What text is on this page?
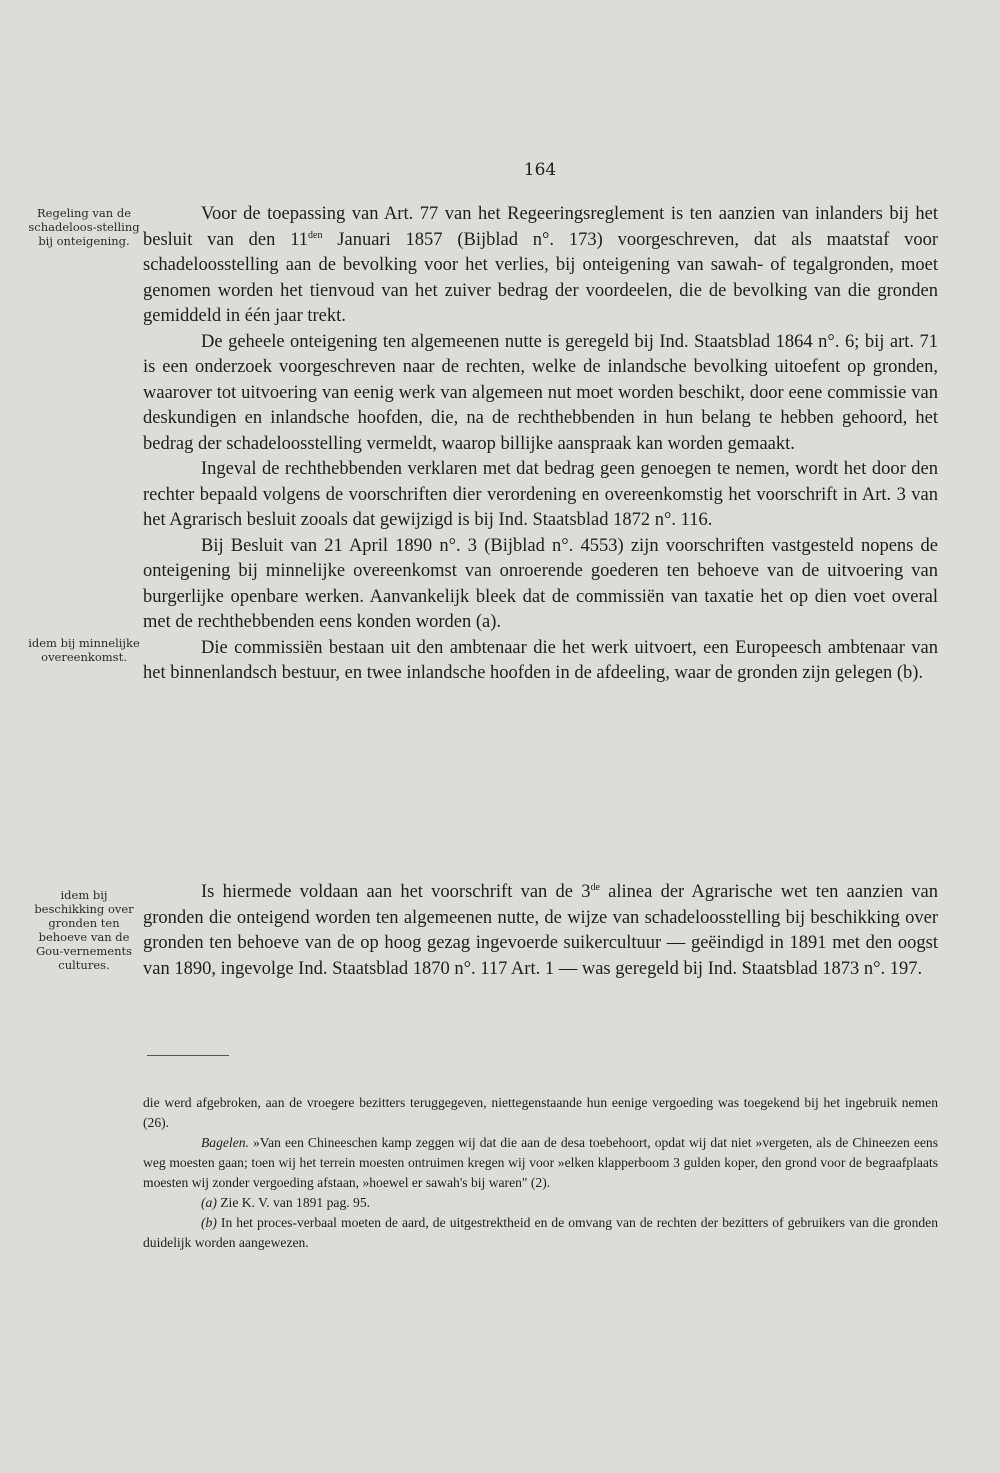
164
Regeling van de schadeloos-stelling bij onteigening.
idem bij minnelijke overeenkomst.
idem bij beschikking over gronden ten behoeve van de Gou-vernements cultures.

Voor de toepassing van Art. 77 van het Regeeringsreglement is ten aanzien van inlanders bij het besluit van den $11^{den}$ Januari 1857 (Bijblad n°. 173) voorgeschreven, dat als maatstaf voor schadeloosstelling aan de bevolking voor het verlies, bij onteigening van sawah- of tegalgronden, moet genomen worden het tienvoud van het zuiver bedrag der voordeelen, die de bevolking van die gronden gemiddeld in één jaar trekt.

De geheele onteigening ten algemeenen nutte is geregeld bij Ind. Staatsblad 1864 n°. 6; bij art. 71 is een onderzoek voorgeschreven naar de rechten, welke de inlandsche bevolking uitoefent op gronden, waarover tot uitvoering van eenig werk van algemeen nut moet worden beschikt, door eene commissie van deskundigen en inlandsche hoofden, die, na de rechthebbenden in hun belang te hebben gehoord, het bedrag der schadeloosstelling vermeldt, waarop billijke aanspraak kan worden gemaakt.

Ingeval de rechthebbenden verklaren met dat bedrag geen genoegen te nemen, wordt het door den rechter bepaald volgens de voorschriften dier verordening en overeenkomstig het voorschrift in Art. 3 van het Agrarisch besluit zooals dat gewijzigd is bij Ind. Staatsblad 1872 n°. 116.

Bij Besluit van 21 April 1890 n°. 3 (Bijblad n°. 4553) zijn voorschriften vastgesteld nopens de onteigening bij minnelijke overeenkomst van onroerende goederen ten behoeve van de uitvoering van burgerlijke openbare werken. Aanvankelijk bleek dat de commissiën van taxatie het op dien voet overal met de rechthebbenden eens konden worden (a).

Die commissiën bestaan uit den ambtenaar die het werk uitvoert, een Europeesch ambtenaar van het binnenlandsch bestuur, en twee inlandsche hoofden in de afdeeling, waar de gronden zijn gelegen (b).

Is hiermede voldaan aan het voorschrift van de 3de alinea der Agrarische wet ten aanzien van gronden die onteigend worden ten algemeenen nutte, de wijze van schadeloosstelling bij beschikking over gronden ten behoeve van de op hoog gezag ingevoerde suikercultuur — geëindigd in 1891 met den oogst van 1890, ingevolge Ind. Staatsblad 1870 n°. 117 Art. 1 — was geregeld bij Ind. Staatsblad 1873 n°. 197.

die werd afgebroken, aan de vroegere bezitters teruggegeven, niettegenstaande hun eenige vergoeding was toegekend bij het ingebruik nemen (26).

Bagelen. »Van een Chineeschen kamp zeggen wij dat die aan de desa toebehoort, opdat wij dat niet »vergeten, als de Chineezen eens weg moesten gaan; toen wij het terrein moesten ontruimen kregen wij voor »elken klapperboom 3 gulden koper, den grond voor de begraafplaats moesten wij zonder vergoeding afstaan, »hoewel er sawah's bij waren" (2).

(a) Zie K. V. van 1891 pag. 95.

(b) In het proces-verbaal moeten de aard, de uitgestrektheid en de omvang van de rechten der bezitters of gebruikers van die gronden duidelijk worden aangewezen.
